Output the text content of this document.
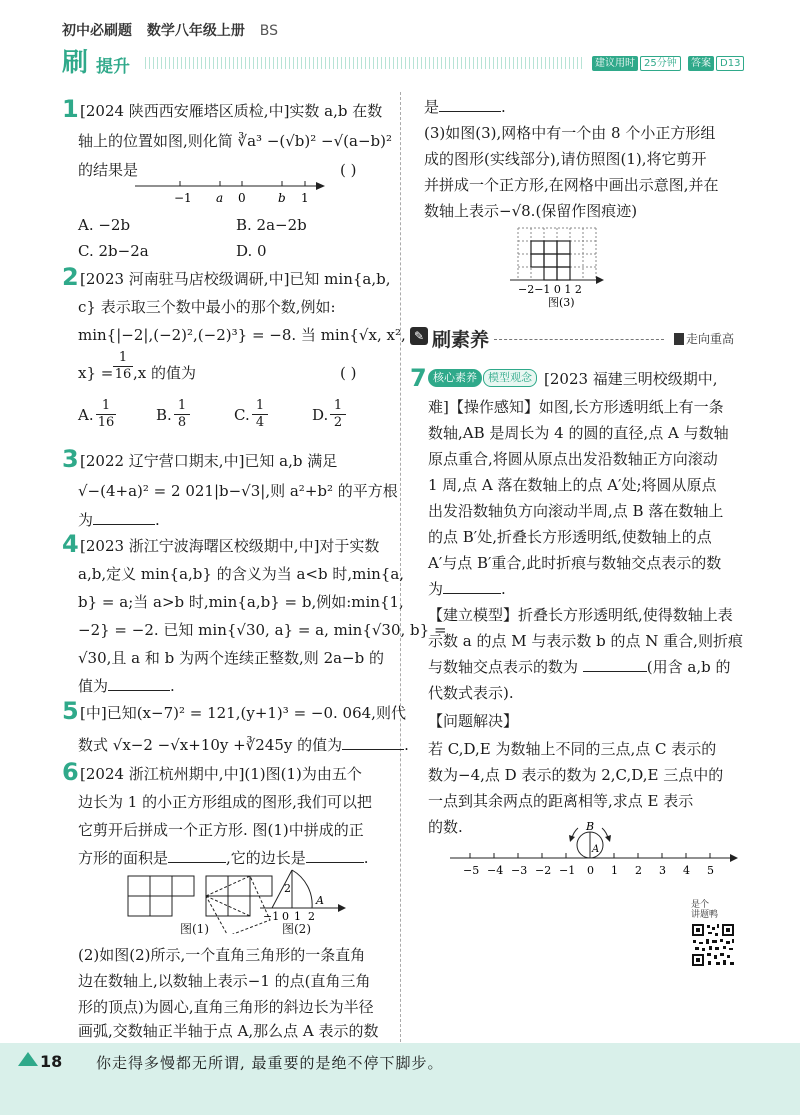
初中必刷题 数学八年级上册 BS
刷 提升	建议用时 25分钟	答案 D13
1 [2024 陕西西安雁塔区质检,中]实数 a,b 在数
轴上的位置如图,则化简 ∛a³ −(√b)² −√(a−b)²
的结果是	( )
−1 a 0	b 1
A. −2b	B. 2a−2b
C. 2b−2a	D. 0
2 [2023 河南驻马店校级调研,中]已知 min{a,b,
c} 表示取三个数中最小的那个数,例如:
min{|−2|,(−2)²,(−2)³} = −8. 当 min{√x, x²,
$x\} = \frac{1}{16} ,x$ 的值为	( )
A. $\frac{1}{16}$	B. $\frac{1}{8}$	C. $\frac{1}{4}$	D. $\frac{1}{2}$
3 [2022 辽宁营口期末,中]已知 a,b 满足
√−(4+a)² = 2 021|b−√3|,则 a²+b² 的平方根
为	.
4 [2023 浙江宁波海曙区校级期中,中]对于实数
a,b,定义 min{a,b} 的含义为当 a<b 时,min{a,
b} = a;当 a>b 时,min{a,b} = b,例如:min{1,
−2} = −2. 已知 min{√30, a} = a, min{√30, b} =
√30,且 a 和 b 为两个连续正整数,则 2a−b 的
值为	.
5 [中]已知(x−7)² = 121,(y+1)³ = −0. 064,则代
数式 √x−2 −√x+10y +∛245y 的值为	.
6 [2024 浙江杭州期中,中](1)图(1)为由五个
边长为 1 的小正方形组成的图形,我们可以把
它剪开后拼成一个正方形. 图(1)中拼成的正
方形的面积是	,它的边长是	.
图(1)
2
A
−1 0 1 2
图(2)
(2)如图(2)所示,一个直角三角形的一条直角
边在数轴上,以数轴上表示−1 的点(直角三角
形的顶点)为圆心,直角三角形的斜边长为半径
画弧,交数轴正半轴于点 A,那么点 A 表示的数
是	.
(3)如图(3),网格中有一个由 8 个小正方形组
成的图形(实线部分),请仿照图(1),将它剪开
并拼成一个正方形,在网格中画出示意图,并在
数轴上表示−√8.(保留作图痕迹)
−2−1 0 1 2
图(3)
✎ 刷素养	走向重高
7 核心素养	模型观念 [2023 福建三明校级期中,
难]【操作感知】如图,长方形透明纸上有一条
数轴,AB 是周长为 4 的圆的直径,点 A 与数轴
原点重合,将圆从原点出发沿数轴正方向滚动
1 周,点 A 落在数轴上的点 A′处;将圆从原点
出发沿数轴负方向滚动半周,点 B 落在数轴上
的点 B′处,折叠长方形透明纸,使数轴上的点
A′与点 B′重合,此时折痕与数轴交点表示的数
为	.
【建立模型】折叠长方形透明纸,使得数轴上表
示数 a 的点 M 与表示数 b 的点 N 重合,则折痕
与数轴交点表示的数为	(用含 a,b 的
代数式表示).
【问题解决】
若 C,D,E 为数轴上不同的三点,点 C 表示的
数为−4,点 D 表示的数为 2,C,D,E 三点中的
一点到其余两点的距离相等,求点 E 表示
的数.	B
A
−5 −4 −3 −2 −1 0 1 2 3 4 5
是个
讲题鸭
18 你走得多慢都无所谓, 最重要的是绝不停下脚步。
